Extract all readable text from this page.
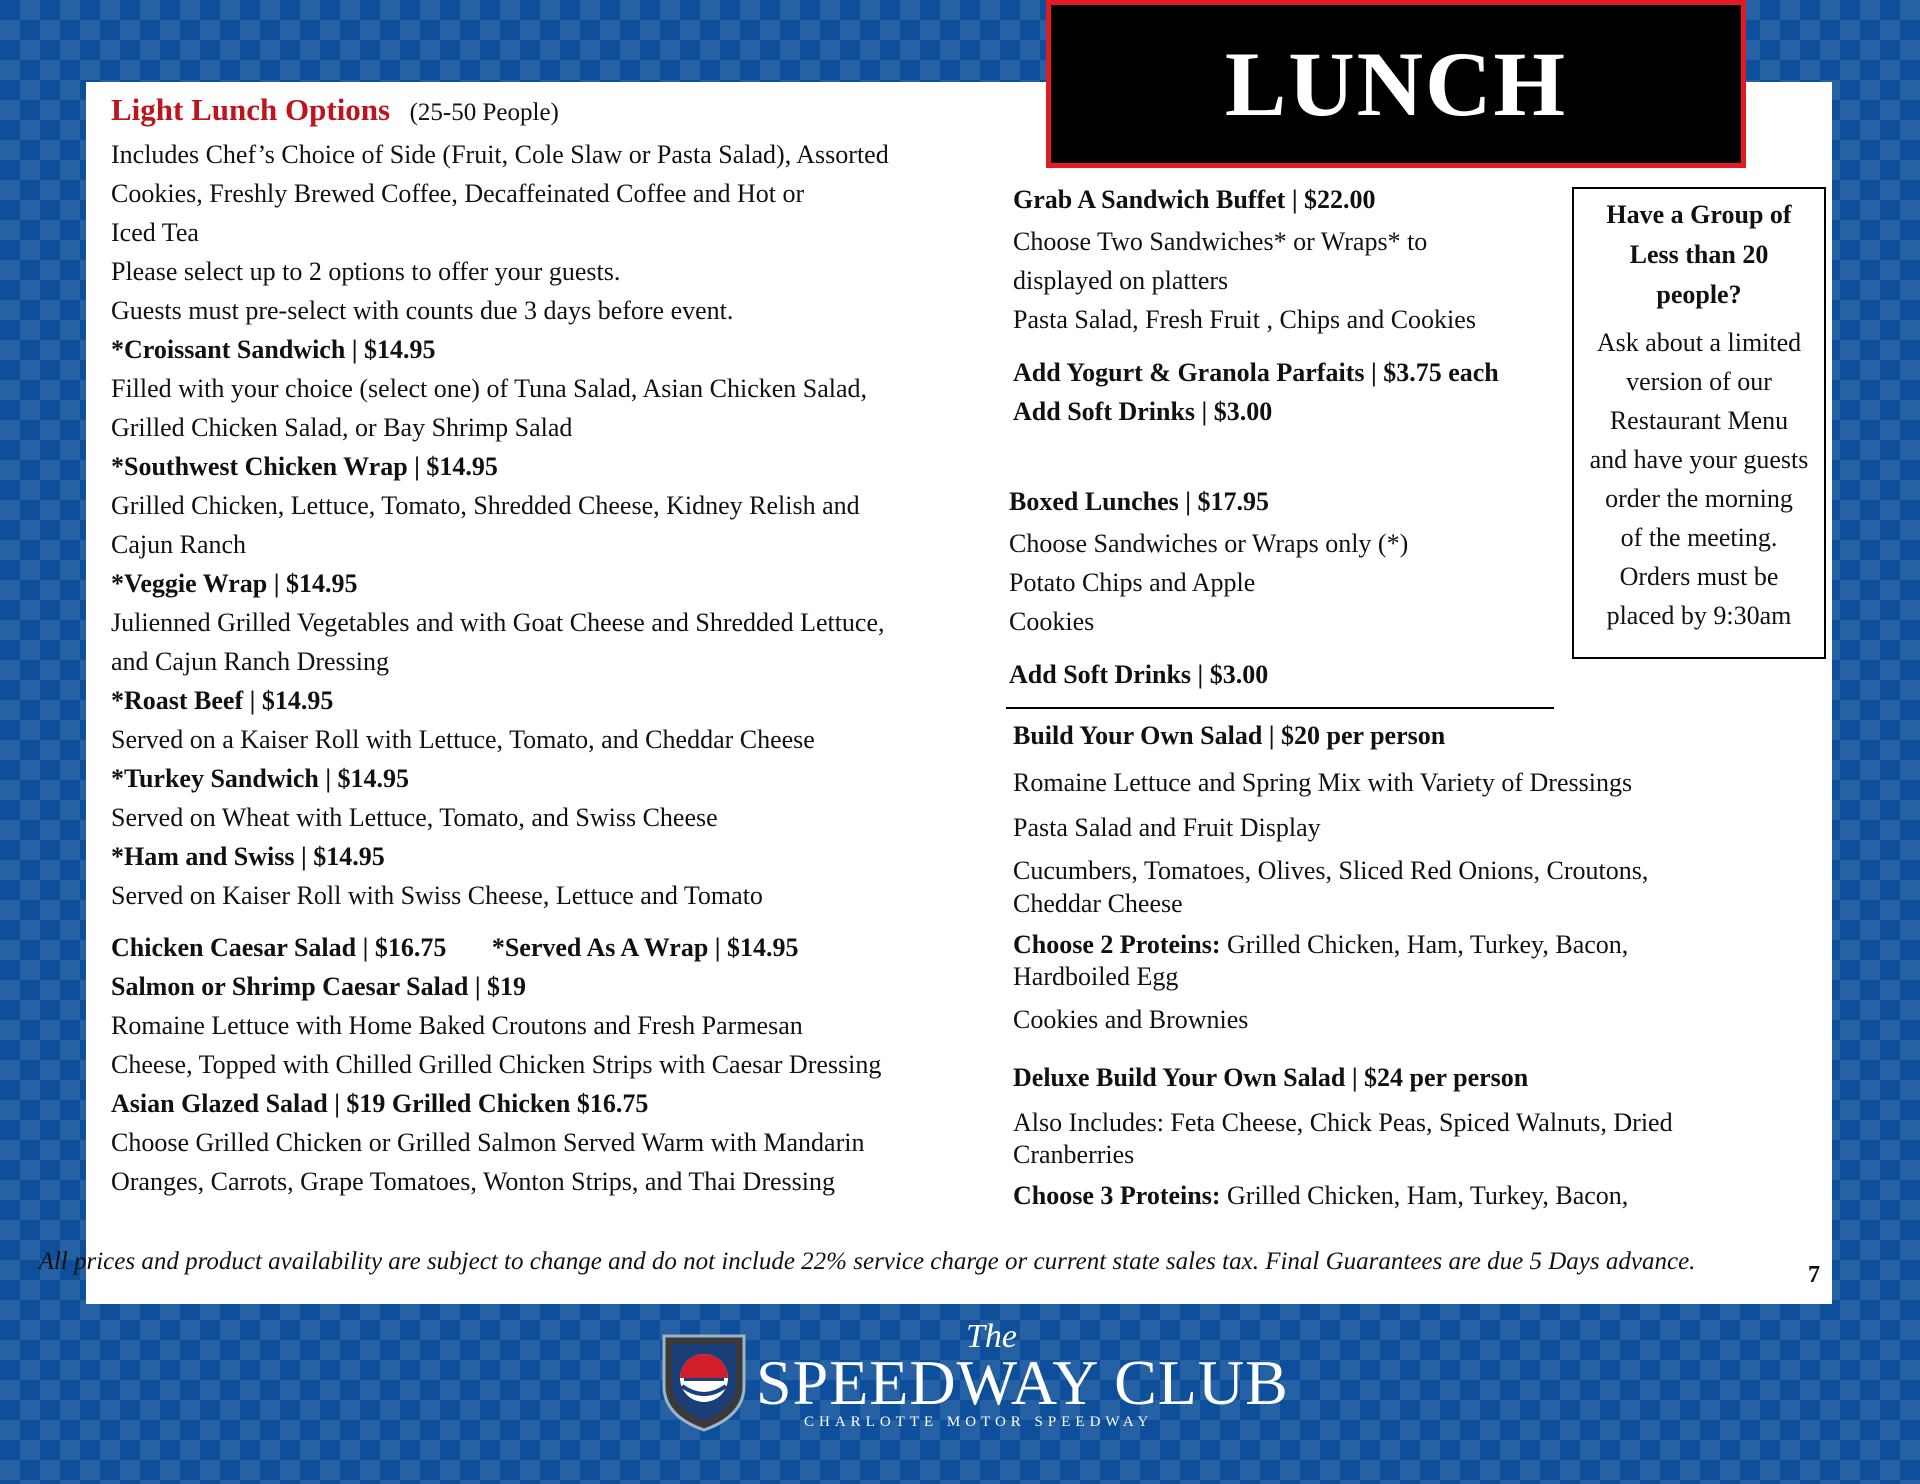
LUNCH
Light Lunch Options (25-50 People)
Includes Chef’s Choice of Side (Fruit, Cole Slaw or Pasta Salad), Assorted
Cookies, Freshly Brewed Coffee, Decaffeinated Coffee and Hot or
Iced Tea
Please select up to 2 options to offer your guests.
Guests must pre-select with counts due 3 days before event.
*Croissant Sandwich | $14.95
Filled with your choice (select one) of Tuna Salad, Asian Chicken Salad,
Grilled Chicken Salad, or Bay Shrimp Salad
*Southwest Chicken Wrap | $14.95
Grilled Chicken, Lettuce, Tomato, Shredded Cheese, Kidney Relish and
Cajun Ranch
*Veggie Wrap | $14.95
Julienned Grilled Vegetables and with Goat Cheese and Shredded Lettuce,
and Cajun Ranch Dressing
*Roast Beef | $14.95
Served on a Kaiser Roll with Lettuce, Tomato, and Cheddar Cheese
*Turkey Sandwich | $14.95
Served on Wheat with Lettuce, Tomato, and Swiss Cheese
*Ham and Swiss | $14.95
Served on Kaiser Roll with Swiss Cheese, Lettuce and Tomato
Chicken Caesar Salad | $16.75 *Served As A Wrap | $14.95
Salmon or Shrimp Caesar Salad | $19
Romaine Lettuce with Home Baked Croutons and Fresh Parmesan
Cheese, Topped with Chilled Grilled Chicken Strips with Caesar Dressing
Asian Glazed Salad | $19 Grilled Chicken $16.75
Choose Grilled Chicken or Grilled Salmon Served Warm with Mandarin
Oranges, Carrots, Grape Tomatoes, Wonton Strips, and Thai Dressing
Grab A Sandwich Buffet | $22.00
Choose Two Sandwiches* or Wraps* to
displayed on platters
Pasta Salad, Fresh Fruit , Chips and Cookies
Add Yogurt & Granola Parfaits | $3.75 each
Add Soft Drinks | $3.00
Boxed Lunches | $17.95
Choose Sandwiches or Wraps only (*)
Potato Chips and Apple
Cookies
Add Soft Drinks | $3.00
Have a Group of
Less than 20
people?
Ask about a limited
version of our
Restaurant Menu
and have your guests
order the morning
of the meeting.
Orders must be
placed by 9:30am
Build Your Own Salad | $20 per person
Romaine Lettuce and Spring Mix with Variety of Dressings
Pasta Salad and Fruit Display
Cucumbers, Tomatoes, Olives, Sliced Red Onions, Croutons,
Cheddar Cheese
Choose 2 Proteins: Grilled Chicken, Ham, Turkey, Bacon,
Hardboiled Egg
Cookies and Brownies
Deluxe Build Your Own Salad | $24 per person
Also Includes: Feta Cheese, Chick Peas, Spiced Walnuts, Dried
Cranberries
Choose 3 Proteins: Grilled Chicken, Ham, Turkey, Bacon,
All prices and product availability are subject to change and do not include 22% service charge or current state sales tax. Final Guarantees are due 5 Days advance.	7
The
SPEEDWAY CLUB
CHARLOTTE MOTOR SPEEDWAY
